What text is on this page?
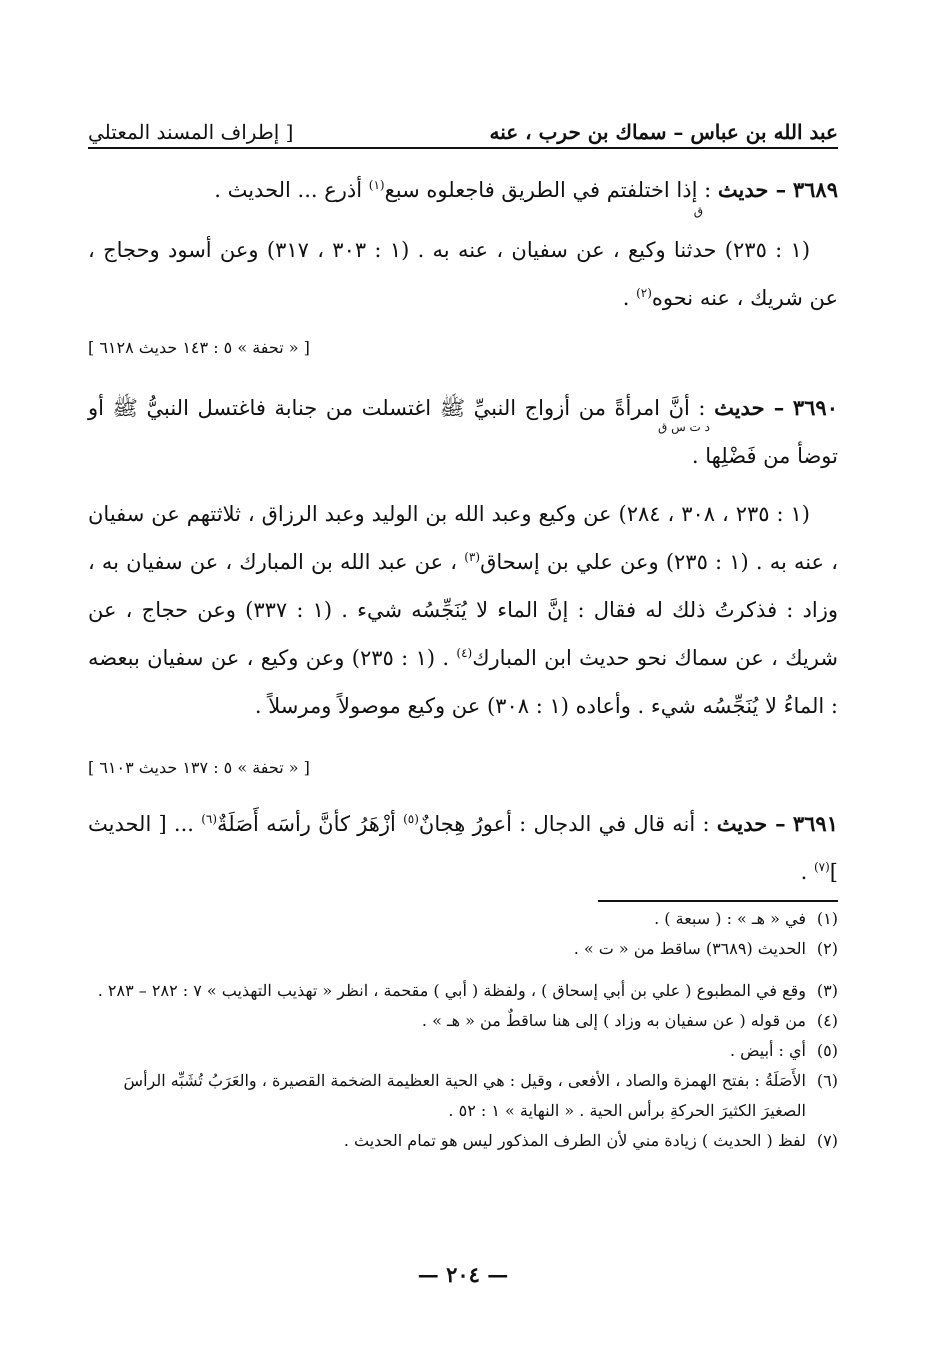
عبد الله بن عباس – سماك بن حرب ، عنه
[ إطراف المسند المعتلي
٣٦٨٩ – حديث : إذا اختلفتم في الطريق فاجعلوه سبع$^{(١)}$ أذرع ... الحديث .
ق
(١ : ٢٣٥) حدثنا وكيع ، عن سفيان ، عنه به . (١ : ٣٠٣ ، ٣١٧) وعن أسود وحجاج ، عن شريك ، عنه نحوه$^{(٢)}$ .
[ « تحفة » ٥ : ١٤٣ حديث ٦١٢٨ ]
٣٦٩٠ – حديث : أنَّ امرأةً من أزواج النبيِّ ﷺ اغتسلت من جنابة فاغتسل النبيُّ ﷺ أو توضأ من فَضْلِها .
د ت س ق
(١ : ٢٣٥ ، ٣٠٨ ، ٢٨٤) عن وكيع وعبد الله بن الوليد وعبد الرزاق ، ثلاثتهم عن سفيان ، عنه به . (١ : ٢٣٥) وعن علي بن إسحاق$^{(٣)}$ ، عن عبد الله بن المبارك ، عن سفيان به ، وزاد : فذكرتُ ذلك له فقال : إنَّ الماء لا يُنَجِّسُه شيء . (١ : ٣٣٧) وعن حجاج ، عن شريك ، عن سماك نحو حديث ابن المبارك$^{(٤)}$ . (١ : ٢٣٥) وعن وكيع ، عن سفيان ببعضه : الماءُ لا يُنَجِّسُه شيء . وأعاده (١ : ٣٠٨) عن وكيع موصولاً ومرسلاً .
[ « تحفة » ٥ : ١٣٧ حديث ٦١٠٣ ]
٣٦٩١ – حديث : أنه قال في الدجال : أعورُ هِجانٌ$^{(٥)}$ أزْهَرُ كأنَّ رأسَه أَصَلَةٌ$^{(٦)}$ ... [ الحديث ]$^{(٧)}$ .
(١)
في « هـ » : ( سبعة ) .
(٢)
الحديث (٣٦٨٩) ساقط من « ت » .
(٣)
وقع في المطبوع ( علي بن أبي إسحاق ) ، ولفظة ( أبي ) مقحمة ، انظر « تهذيب التهذيب » ٧ : ٢٨٢ – ٢٨٣ .
(٤)
من قوله ( عن سفيان به وزاد ) إلى هنا ساقطٌ من « هـ » .
(٥)
أي : أبيض .
(٦)
الأَصَلَةُ : بفتح الهمزة والصاد ، الأفعى ، وقيل : هي الحية العظيمة الضخمة القصيرة ، والعَرَبُ تُشَبِّه الرأسَ الصغيرَ الكثيرَ الحركةِ برأس الحية . « النهاية » ١ : ٥٢ .
(٧)
لفظ ( الحديث ) زيادة مني لأن الطرف المذكور ليس هو تمام الحديث .
— ٢٠٤ —
